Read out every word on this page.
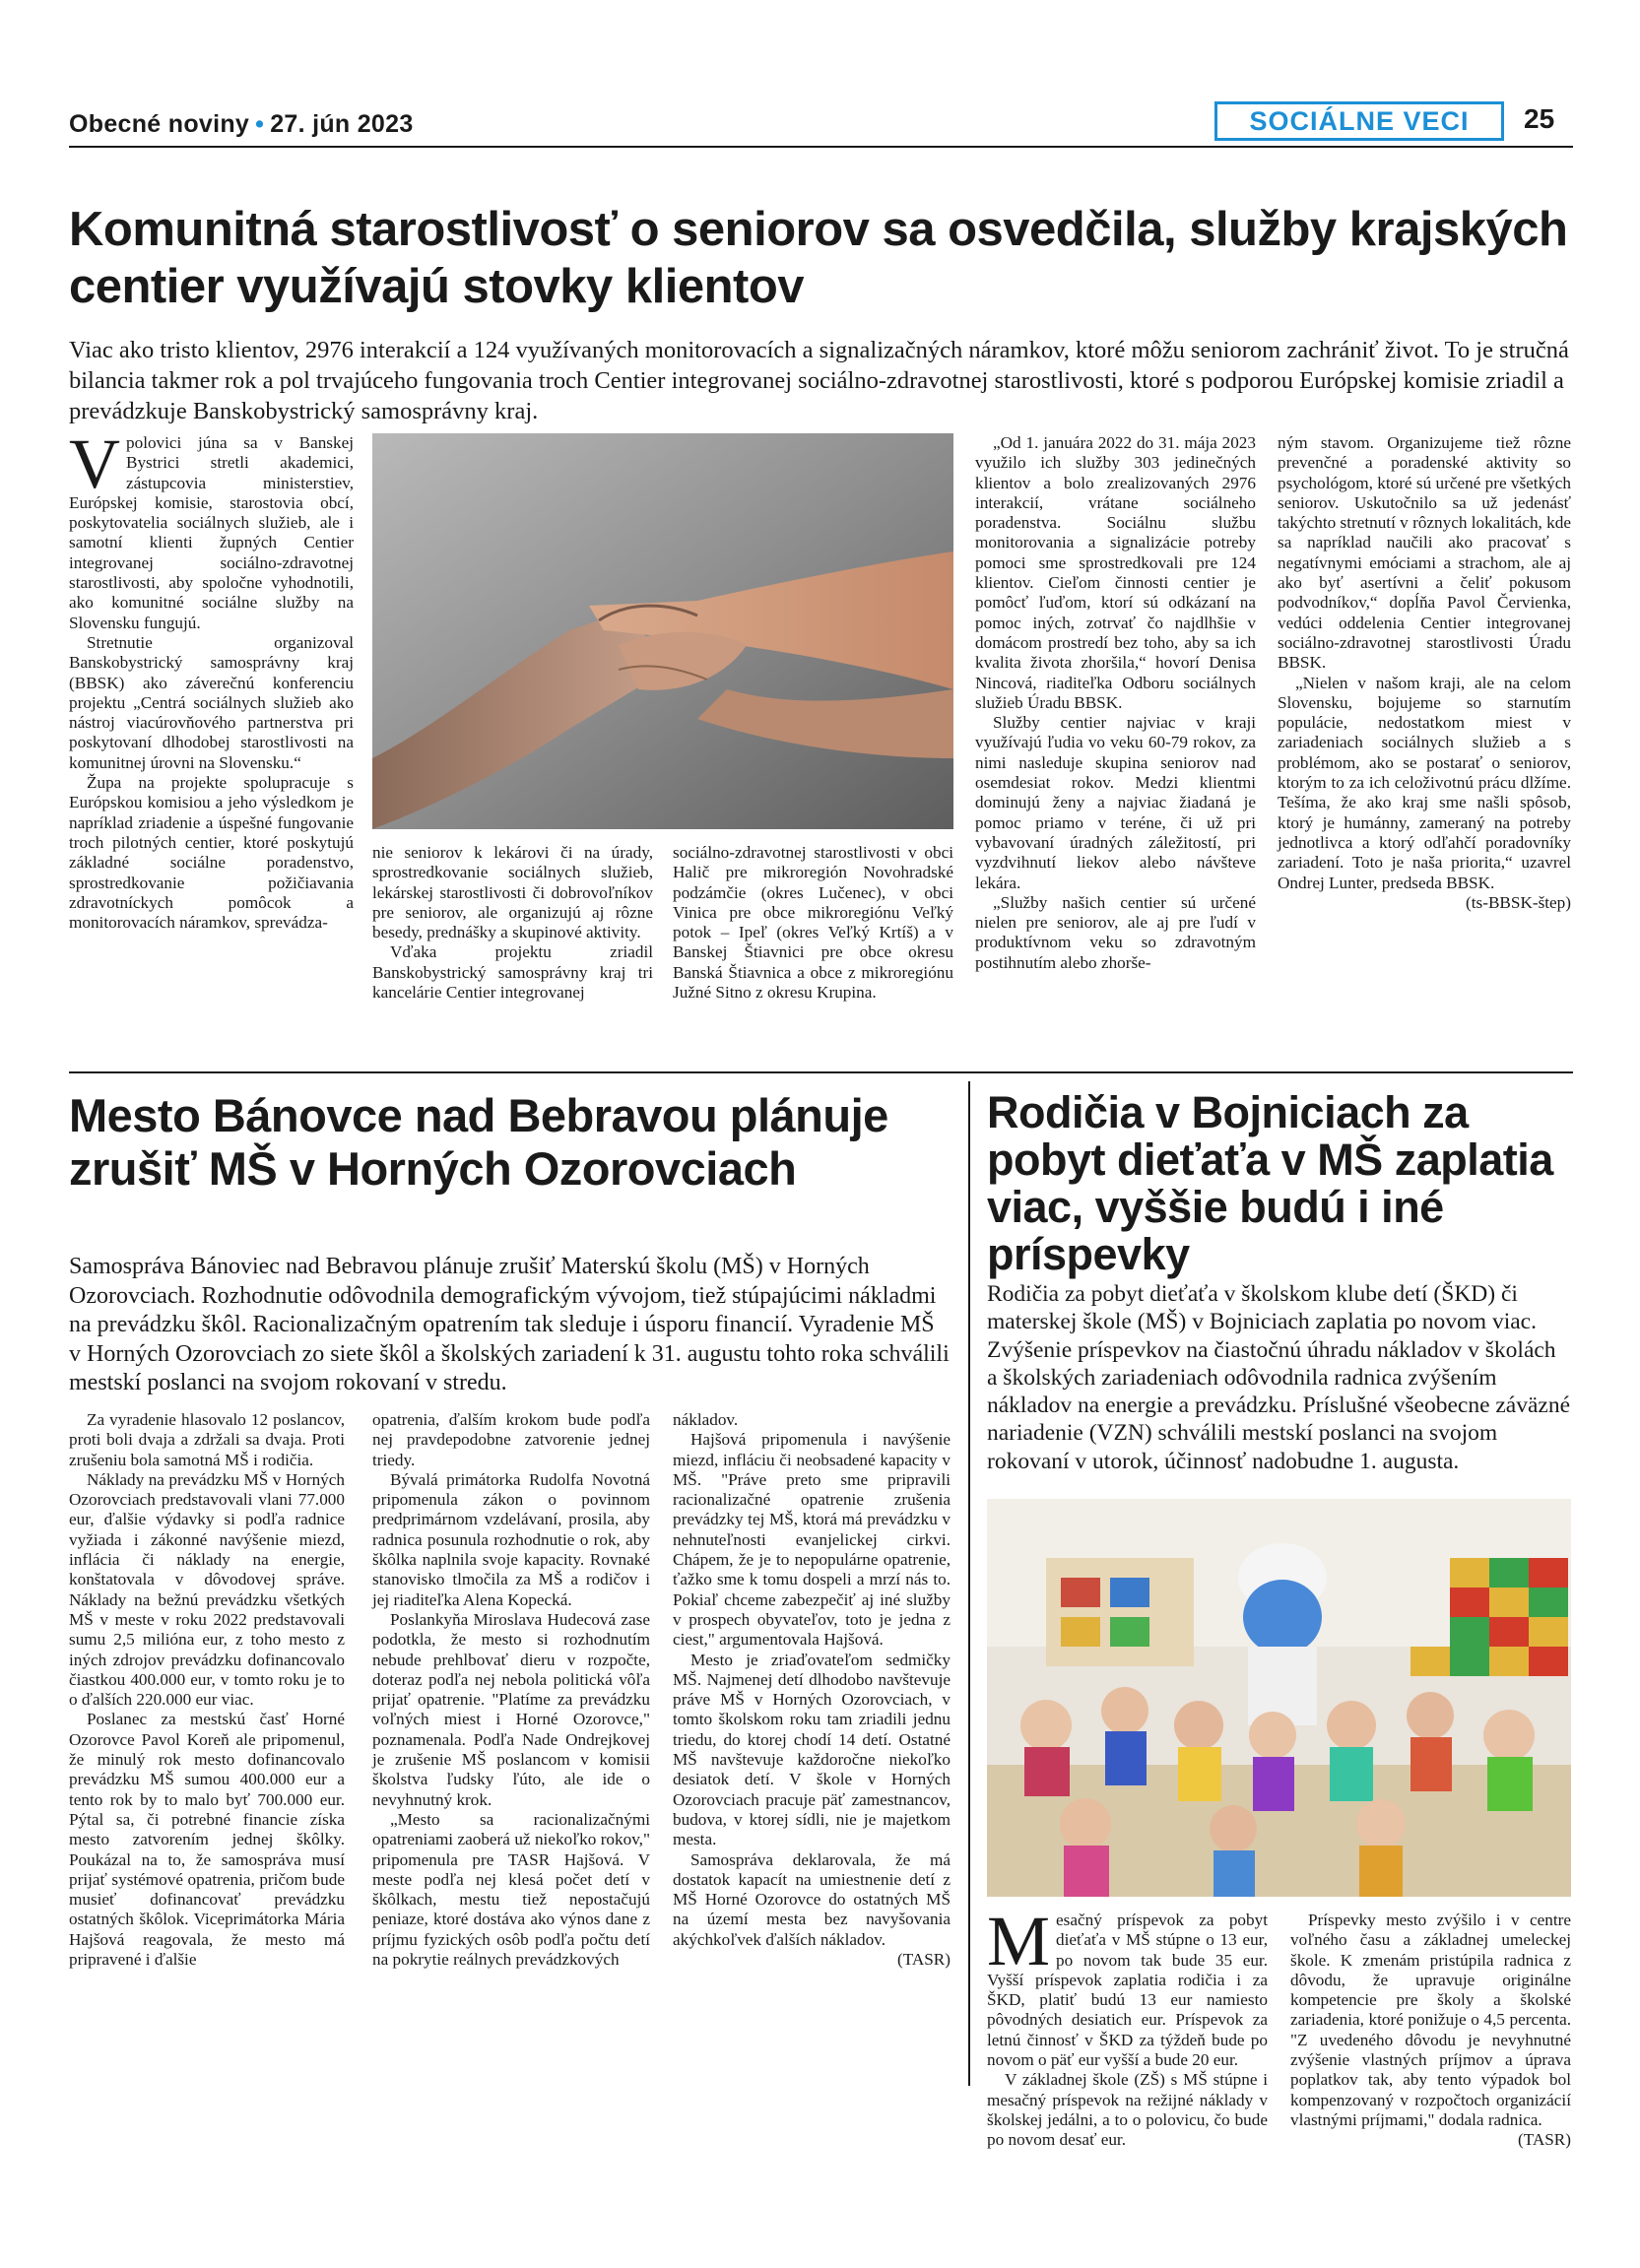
Obecné noviny • 27. jún 2023	SOCIÁLNE VECI 25
Komunitná starostlivosť o seniorov sa osvedčila, služby krajských centier využívajú stovky klientov
Viac ako tristo klientov, 2976 interakcií a 124 využívaných monitorovacích a signalizačných náramkov, ktoré môžu seniorom zachrániť život. To je stručná bilancia takmer rok a pol trvajúceho fungovania troch Centier integrovanej sociálno-zdravotnej starostlivosti, ktoré s podporou Európskej komisie zriadil a prevádzkuje Banskobystrický samosprávny kraj.

V polovici júna sa v Banskej Bystrici stretli akademici, zástupcovia ministerstiev, Európskej komisie, starostovia obcí, poskytovatelia sociálnych služieb, ale i samotní klienti župných Centier integrovanej sociálno-zdravotnej starostlivosti, aby spoločne vyhodnotili, ako komunitné sociálne služby na Slovensku fungujú.

Stretnutie organizoval Banskobystrický samosprávny kraj (BBSK) ako záverečnú konferenciu projektu „Centrá sociálnych služieb ako nástroj viacúrovňového partnerstva pri poskytovaní dlhodobej starostlivosti na komunitnej úrovni na Slovensku.“

Župa na projekte spolupracuje s Európskou komisiou a jeho výsledkom je napríklad zriadenie a úspešné fungovanie troch pilotných centier, ktoré poskytujú základné sociálne poradenstvo, sprostredkovanie požičiavania zdravotníckych pomôcok a monitorovacích náramkov, sprevádza-

nie seniorov k lekárovi či na úrady, sprostredkovanie sociálnych služieb, lekárskej starostlivosti či dobrovoľníkov pre seniorov, ale organizujú aj rôzne besedy, prednášky a skupinové aktivity.

Vďaka projektu zriadil Banskobystrický samosprávny kraj tri kancelárie Centier integrovanej

sociálno-zdravotnej starostlivosti v obci Halič pre mikroregión Novohradské podzámčie (okres Lučenec), v obci Vinica pre obce mikroregiónu Veľký potok – Ipeľ (okres Veľký Krtíš) a v Banskej Štiavnici pre obce okresu Banská Štiavnica a obce z mikroregiónu Južné Sitno z okresu Krupina.

„Od 1. januára 2022 do 31. mája 2023 využilo ich služby 303 jedinečných klientov a bolo zrealizovaných 2976 interakcií, vrátane sociálneho poradenstva. Sociálnu službu monitorovania a signalizácie potreby pomoci sme sprostredkovali pre 124 klientov. Cieľom činnosti centier je pomôcť ľuďom, ktorí sú odkázaní na pomoc iných, zotrvať čo najdlhšie v domácom prostredí bez toho, aby sa ich kvalita života zhoršila,“ hovorí Denisa Nincová, riaditeľka Odboru sociálnych služieb Úradu BBSK.

Služby centier najviac v kraji využívajú ľudia vo veku 60-79 rokov, za nimi nasleduje skupina seniorov nad osemdesiat rokov. Medzi klientmi dominujú ženy a najviac žiadaná je pomoc priamo v teréne, či už pri vybavovaní úradných záležitostí, pri vyzdvihnutí liekov alebo návšteve lekára.

„Služby našich centier sú určené nielen pre seniorov, ale aj pre ľudí v produktívnom veku so zdravotným postihnutím alebo zhorše-

ným stavom. Organizujeme tiež rôzne prevenčné a poradenské aktivity so psychológom, ktoré sú určené pre všetkých seniorov. Uskutočnilo sa už jedenásť takýchto stretnutí v rôznych lokalitách, kde sa napríklad naučili ako pracovať s negatívnymi emóciami a strachom, ale aj ako byť asertívni a čeliť pokusom podvodníkov,“ dopĺňa Pavol Červienka, vedúci oddelenia Centier integrovanej sociálno-zdravotnej starostlivosti Úradu BBSK.

„Nielen v našom kraji, ale na celom Slovensku, bojujeme so starnutím populácie, nedostatkom miest v zariadeniach sociálnych služieb a s problémom, ako se postarať o seniorov, ktorým to za ich celoživotnú prácu dlžíme. Tešíma, že ako kraj sme našli spôsob, ktorý je humánny, zameraný na potreby jednotlivca a ktorý odľahčí poradovníky zariadení. Toto je naša priorita,“ uzavrel Ondrej Lunter, predseda BBSK.

(ts-BBSK-štep)

Mesto Bánovce nad Bebravou plánuje zrušiť MŠ v Horných Ozorovciach
Samospráva Bánoviec nad Bebravou plánuje zrušiť Materskú školu (MŠ) v Horných Ozorovciach. Rozhodnutie odôvodnila demografickým vývojom, tiež stúpajúcimi nákladmi na prevádzku škôl. Racionalizačným opatrením tak sleduje i úsporu financií. Vyradenie MŠ v Horných Ozorovciach zo siete škôl a školských zariadení k 31. augustu tohto roka schválili mestskí poslanci na svojom rokovaní v stredu.

Za vyradenie hlasovalo 12 poslancov, proti boli dvaja a zdržali sa dvaja. Proti zrušeniu bola samotná MŠ i rodičia.

Náklady na prevádzku MŠ v Horných Ozorovciach predstavovali vlani 77.000 eur, ďalšie výdavky si podľa radnice vyžiada i zákonné navýšenie miezd, inflácia či náklady na energie, konštatovala v dôvodovej správe. Náklady na bežnú prevádzku všetkých MŠ v meste v roku 2022 predstavovali sumu 2,5 milióna eur, z toho mesto z iných zdrojov prevádzku dofinancovalo čiastkou 400.000 eur, v tomto roku je to o ďalších 220.000 eur viac.

Poslanec za mestskú časť Horné Ozorovce Pavol Koreň ale pripomenul, že minulý rok mesto dofinancovalo prevádzku MŠ sumou 400.000 eur a tento rok by to malo byť 700.000 eur. Pýtal sa, či potrebné financie získa mesto zatvorením jednej škôlky. Poukázal na to, že samospráva musí prijať systémové opatrenia, pričom bude musieť dofinancovať prevádzku ostatných škôlok. Viceprimátorka Mária Hajšová reagovala, že mesto má pripravené i ďalšie

opatrenia, ďalším krokom bude podľa nej pravdepodobne zatvorenie jednej triedy.

Bývalá primátorka Rudolfa Novotná pripomenula zákon o povinnom predprimárnom vzdelávaní, prosila, aby radnica posunula rozhodnutie o rok, aby škôlka naplnila svoje kapacity. Rovnaké stanovisko tlmočila za MŠ a rodičov i jej riaditeľka Alena Kopecká.

Poslankyňa Miroslava Hudecová zase podotkla, že mesto si rozhodnutím nebude prehlbovať dieru v rozpočte, doteraz podľa nej nebola politická vôľa prijať opatrenie. "Platíme za prevádzku voľných miest i Horné Ozorovce," poznamenala. Podľa Nade Ondrejkovej je zrušenie MŠ poslancom v komisii školstva ľudsky ľúto, ale ide o nevyhnutný krok.

„Mesto sa racionalizačnými opatreniami zaoberá už niekoľko rokov," pripomenula pre TASR Hajšová. V meste podľa nej klesá počet detí v škôlkach, mestu tiež nepostačujú peniaze, ktoré dostáva ako výnos dane z príjmu fyzických osôb podľa počtu detí na pokrytie reálnych prevádzkových

nákladov.

Hajšová pripomenula i navýšenie miezd, infláciu či neobsadené kapacity v MŠ. "Práve preto sme pripravili racionalizačné opatrenie zrušenia prevádzky tej MŠ, ktorá má prevádzku v nehnuteľnosti evanjelickej cirkvi. Chápem, že je to nepopulárne opatrenie, ťažko sme k tomu dospeli a mrzí nás to. Pokiaľ chceme zabezpečiť aj iné služby v prospech obyvateľov, toto je jedna z ciest," argumentovala Hajšová.

Mesto je zriaďovateľom sedmičky MŠ. Najmenej detí dlhodobo navštevuje práve MŠ v Horných Ozorovciach, v tomto školskom roku tam zriadili jednu triedu, do ktorej chodí 14 detí. Ostatné MŠ navštevuje každoročne niekoľko desiatok detí. V škole v Horných Ozorovciach pracuje päť zamestnancov, budova, v ktorej sídli, nie je majetkom mesta.

Samospráva deklarovala, že má dostatok kapacít na umiestnenie detí z MŠ Horné Ozorovce do ostatných MŠ na území mesta bez navyšovania akýchkoľvek ďalších nákladov.

(TASR)

Rodičia v Bojniciach za pobyt dieťaťa v MŠ zaplatia viac, vyššie budú i iné príspevky
Rodičia za pobyt dieťaťa v školskom klube detí (ŠKD) či materskej škole (MŠ) v Bojniciach zaplatia po novom viac. Zvýšenie príspevkov na čiastočnú úhradu nákladov v školách a školských zariadeniach odôvodnila radnica zvýšením nákladov na energie a prevádzku. Príslušné všeobecne záväzné nariadenie (VZN) schválili mestskí poslanci na svojom rokovaní v utorok, účinnosť nadobudne 1. augusta.

Mesačný príspevok za pobyt dieťaťa v MŠ stúpne o 13 eur, po novom tak bude 35 eur. Vyšší príspevok zaplatia rodičia i za ŠKD, platiť budú 13 eur namiesto pôvodných desiatich eur. Príspevok za letnú činnosť v ŠKD za týždeň bude po novom o päť eur vyšší a bude 20 eur.

V základnej škole (ZŠ) s MŠ stúpne i mesačný príspevok na režijné náklady v školskej jedálni, a to o polovicu, čo bude po novom desať eur.

Príspevky mesto zvýšilo i v centre voľného času a základnej umeleckej škole. K zmenám pristúpila radnica z dôvodu, že upravuje originálne kompetencie pre školy a školské zariadenia, ktoré ponižuje o 4,5 percenta. "Z uvedeného dôvodu je nevyhnutné zvýšenie vlastných príjmov a úprava poplatkov tak, aby tento výpadok bol kompenzovaný v rozpočtoch organizácií vlastnými príjmami," dodala radnica.

(TASR)
